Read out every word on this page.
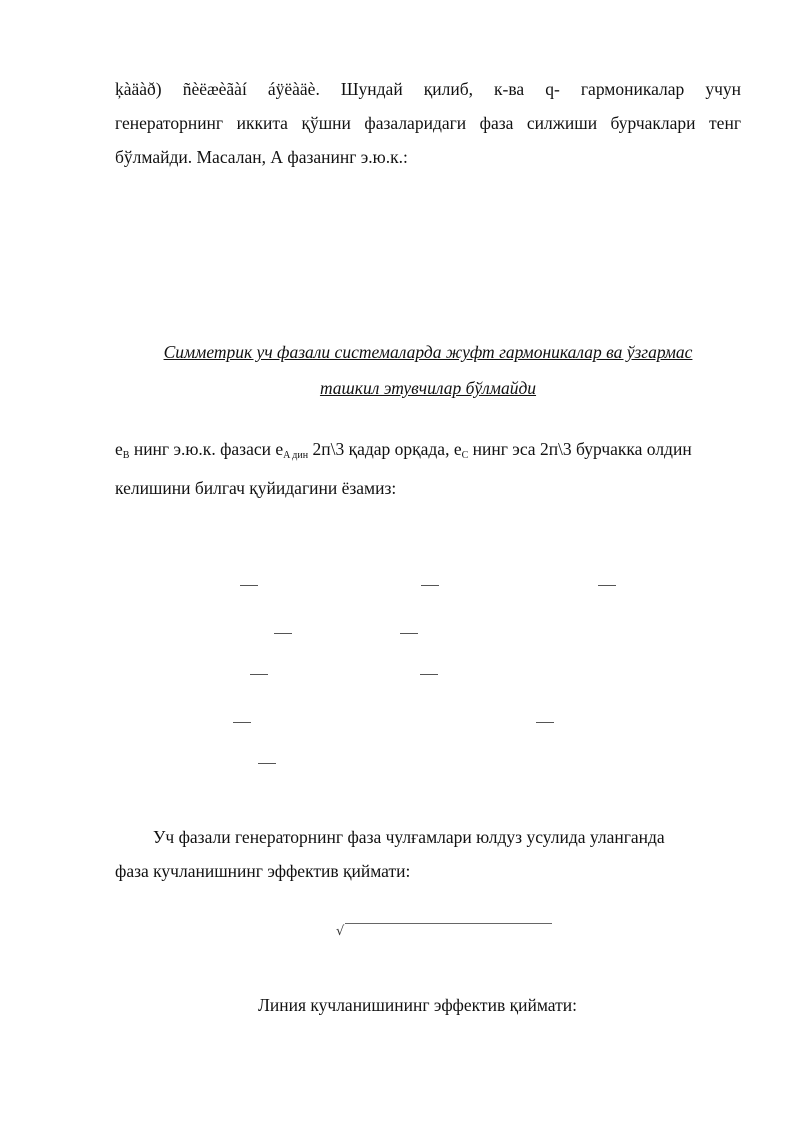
ķàäàð) ñèëæèãàí áÿëàäè. Шундай қилиб, к-ва q- гармоникалар учун
генераторнинг иккита қўшни фазаларидаги фаза силжиши бурчаклари тенг
бўлмайди. Масалан, А фазанинг э.ю.к.:
Симметрик уч фазали системаларда жуфт гармоникалар ва ўзгармас
ташкил этувчилар бўлмайди
$e_B$ нинг э.ю.к. фазаси $e_{A дин}$ 2п\3 қадар орқада, $e_C$ нинг эса 2п\3 бурчакка олдин
келишини билгач қуйидагини ёзамиз:
Уч фазали генераторнинг фаза чулғамлари юлдуз усулида уланганда
фаза кучланишнинг эффектив қиймати:
√
Линия кучланишининг эффектив қиймати:
